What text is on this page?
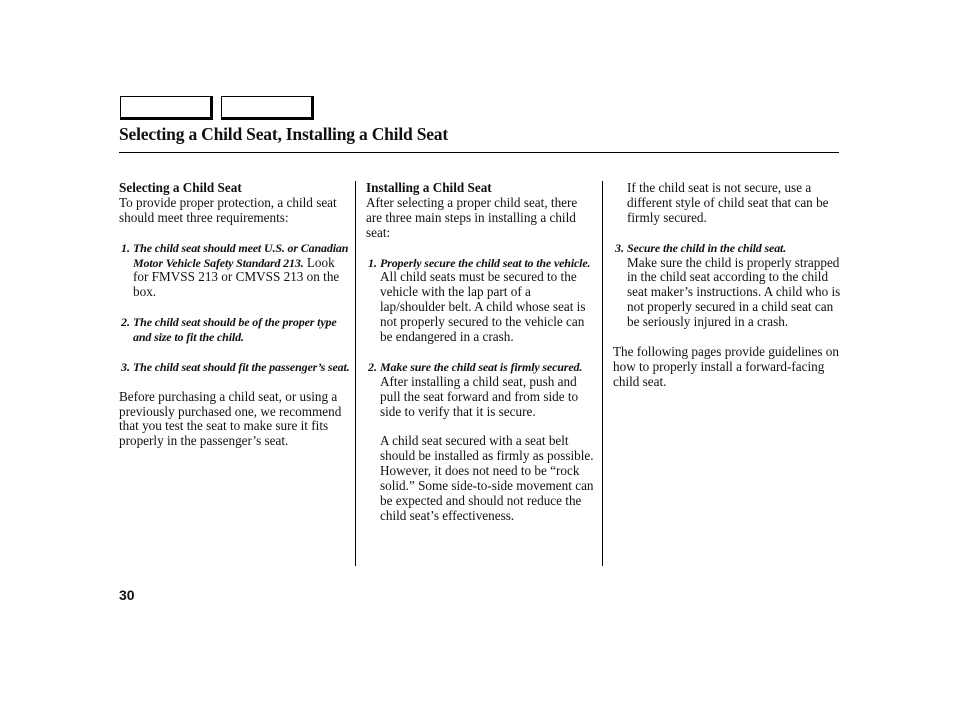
Selecting a Child Seat, Installing a Child Seat
Selecting a Child Seat

To provide proper protection, a child seat should meet three requirements:

1. The child seat should meet U.S. or Canadian Motor Vehicle Safety Standard 213. Look for FMVSS 213 or CMVSS 213 on the box.
2. The child seat should be of the proper type and size to fit the child.
3. The child seat should fit the passenger’s seat.

Before purchasing a child seat, or using a previously purchased one, we recommend that you test the seat to make sure it fits properly in the passenger’s seat.

Installing a Child Seat

After selecting a proper child seat, there are three main steps in installing a child seat:

1. Properly secure the child seat to the vehicle. All child seats must be secured to the vehicle with the lap part of a lap/shoulder belt. A child whose seat is not properly secured to the vehicle can be endangered in a crash.
2. Make sure the child seat is firmly secured. After installing a child seat, push and pull the seat forward and from side to side to verify that it is secure.

A child seat secured with a seat belt should be installed as firmly as possible. However, it does not need to be “rock solid.” Some side-to-side movement can be expected and should not reduce the child seat’s effectiveness.

If the child seat is not secure, use a different style of child seat that can be firmly secured.

3. Secure the child in the child seat.
Make sure the child is properly strapped in the child seat according to the child seat maker’s instructions. A child who is not properly secured in a child seat can be seriously injured in a crash.

The following pages provide guidelines on how to properly install a forward-facing child seat.

30
